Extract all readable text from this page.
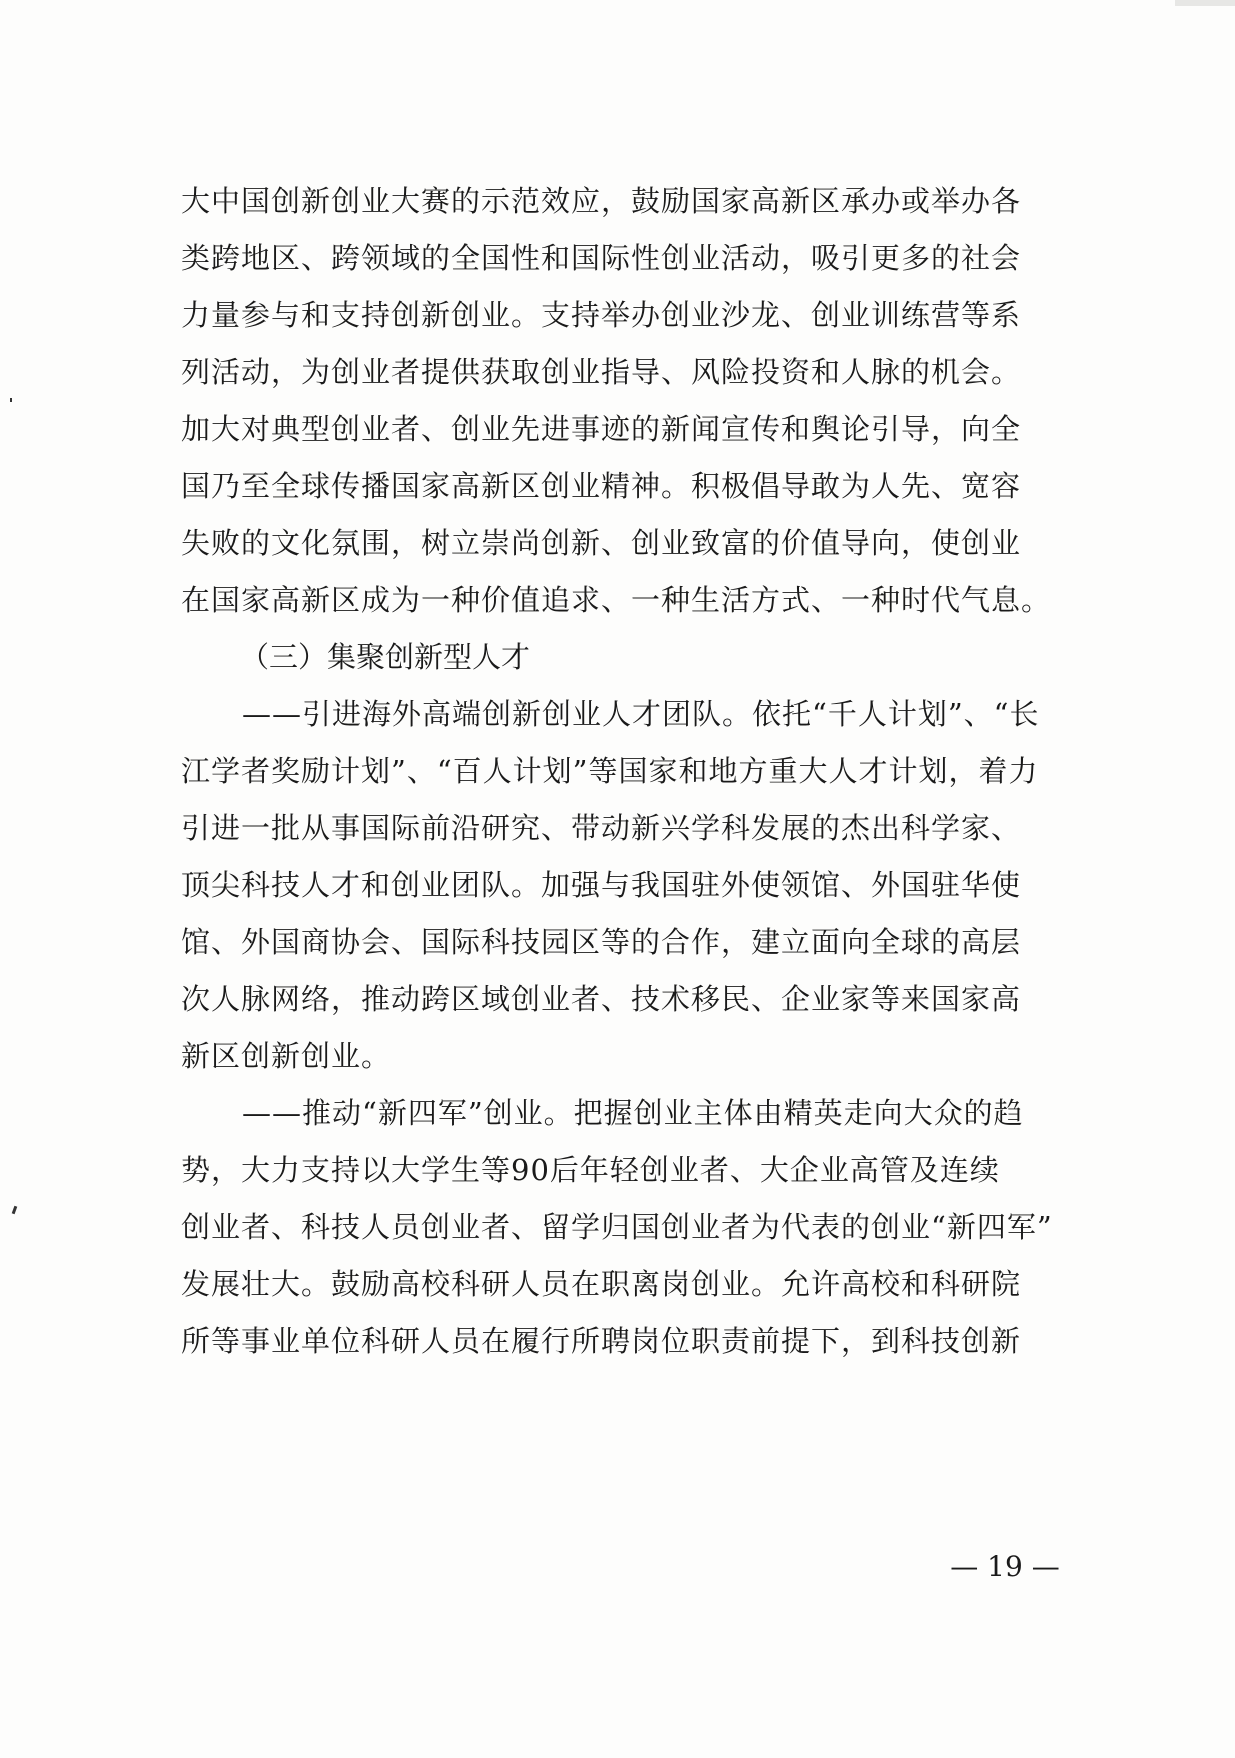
大中国创新创业大赛的示范效应，鼓励国家高新区承办或举办各
类跨地区、跨领域的全国性和国际性创业活动，吸引更多的社会
力量参与和支持创新创业。支持举办创业沙龙、创业训练营等系
列活动，为创业者提供获取创业指导、风险投资和人脉的机会。
加大对典型创业者、创业先进事迹的新闻宣传和舆论引导，向全
国乃至全球传播国家高新区创业精神。积极倡导敢为人先、宽容
失败的文化氛围，树立崇尚创新、创业致富的价值导向，使创业
在国家高新区成为一种价值追求、一种生活方式、一种时代气息。
（三）集聚创新型人才
——引进海外高端创新创业人才团队。依托“千人计划”、“长
江学者奖励计划”、“百人计划”等国家和地方重大人才计划，着力
引进一批从事国际前沿研究、带动新兴学科发展的杰出科学家、
顶尖科技人才和创业团队。加强与我国驻外使领馆、外国驻华使
馆、外国商协会、国际科技园区等的合作，建立面向全球的高层
次人脉网络，推动跨区域创业者、技术移民、企业家等来国家高
新区创新创业。
——推动“新四军”创业。把握创业主体由精英走向大众的趋
势，大力支持以大学生等90后年轻创业者、大企业高管及连续
创业者、科技人员创业者、留学归国创业者为代表的创业“新四军”
发展壮大。鼓励高校科研人员在职离岗创业。允许高校和科研院
所等事业单位科研人员在履行所聘岗位职责前提下，到科技创新
— 19 —
